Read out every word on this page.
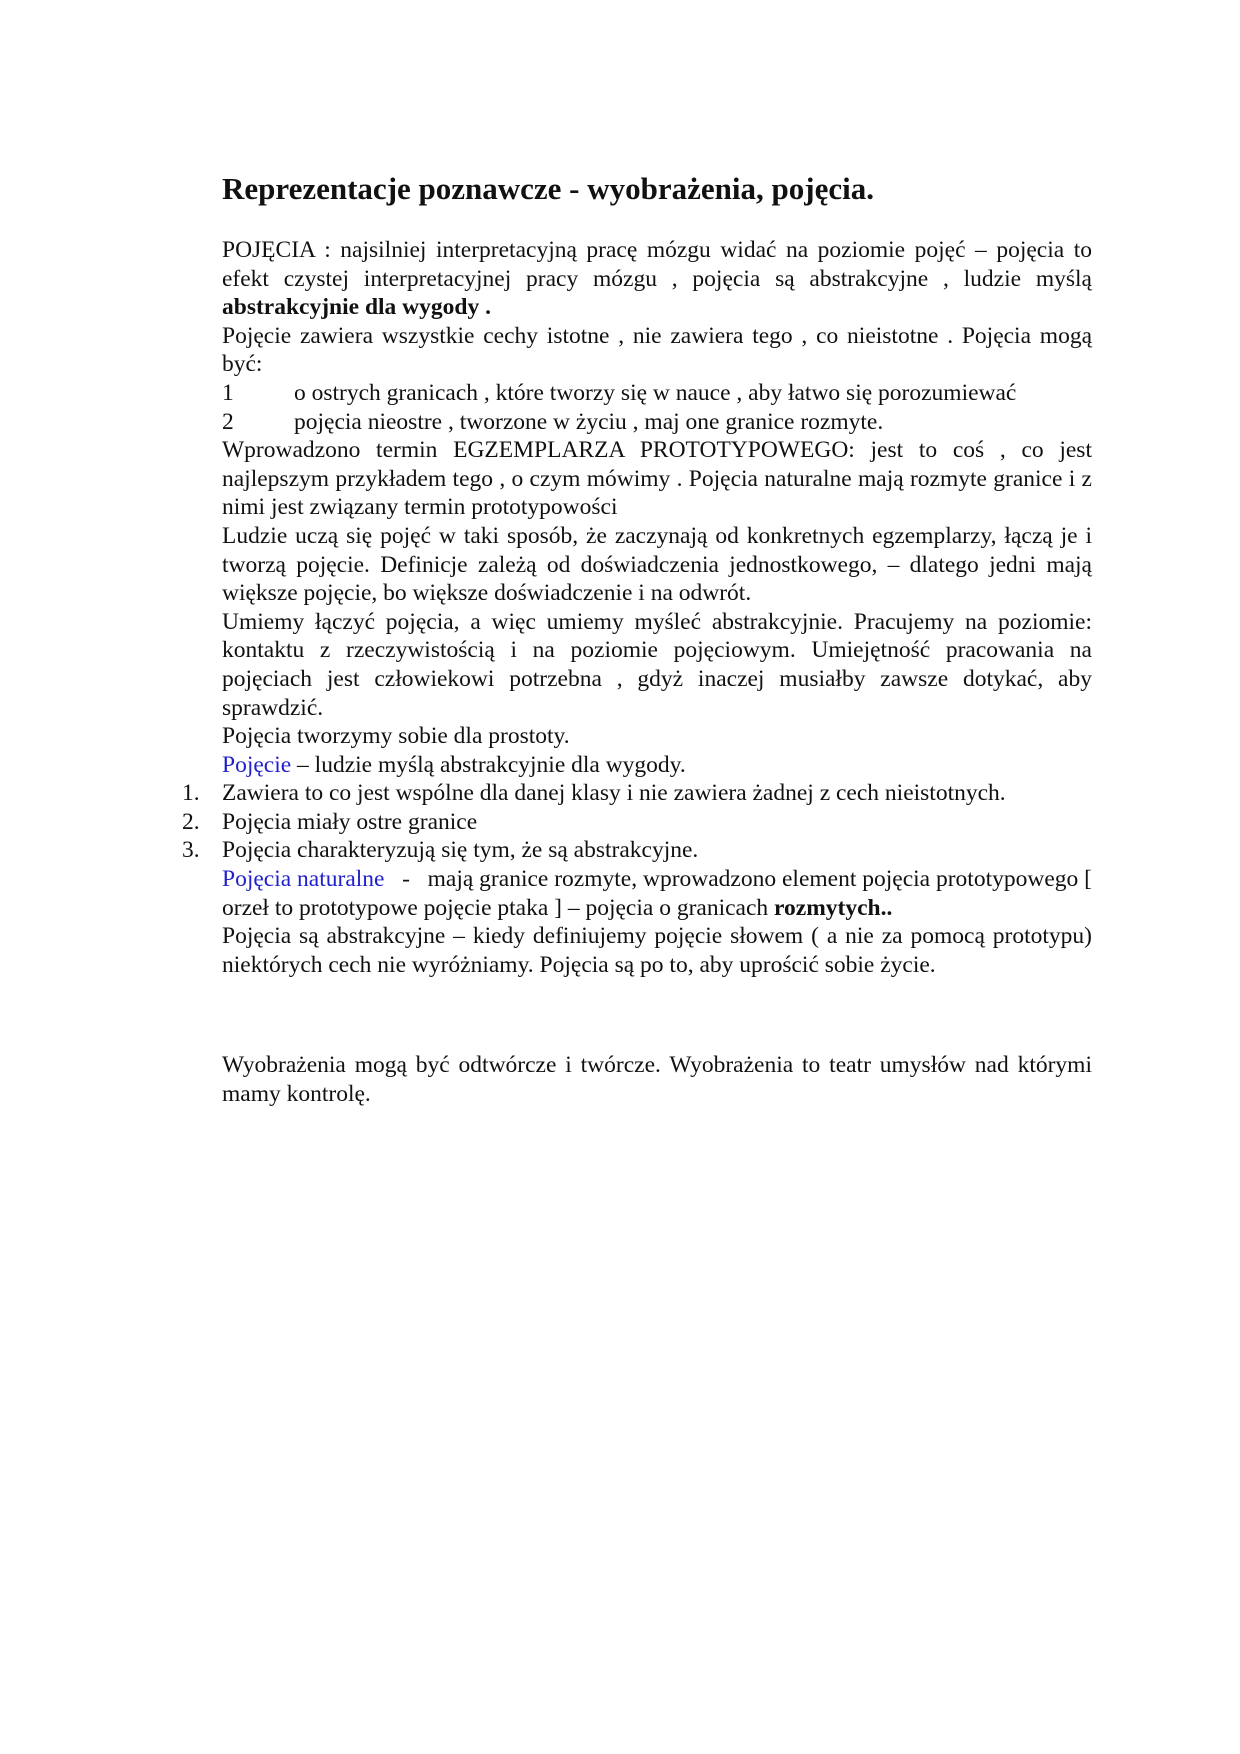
Reprezentacje poznawcze - wyobrażenia, pojęcia.

POJĘCIA : najsilniej interpretacyjną pracę mózgu widać na poziomie pojęć – pojęcia to efekt czystej interpretacyjnej pracy mózgu , pojęcia są abstrakcyjne , ludzie myślą abstrakcyjnie dla wygody .

Pojęcie zawiera wszystkie cechy istotne , nie zawiera tego , co nieistotne . Pojęcia mogą być:

1	o ostrych granicach , które tworzy się w nauce , aby łatwo się porozumiewać
2	pojęcia nieostre , tworzone w życiu , maj one granice rozmyte.

Wprowadzono termin EGZEMPLARZA PROTOTYPOWEGO: jest to coś , co jest najlepszym przykładem tego , o czym mówimy . Pojęcia naturalne mają rozmyte granice i z nimi jest związany termin prototypowości

Ludzie uczą się pojęć w taki sposób, że zaczynają od konkretnych egzemplarzy, łączą je i tworzą pojęcie. Definicje zależą od doświadczenia jednostkowego, – dlatego jedni mają większe pojęcie, bo większe doświadczenie i na odwrót.

Umiemy łączyć pojęcia, a więc umiemy myśleć abstrakcyjnie. Pracujemy na poziomie: kontaktu z rzeczywistością i na poziomie pojęciowym. Umiejętność pracowania na pojęciach jest człowiekowi potrzebna , gdyż inaczej musiałby zawsze dotykać, aby sprawdzić.

Pojęcia tworzymy sobie dla prostoty.

Pojęcie – ludzie myślą abstrakcyjnie dla wygody.

1. Zawiera to co jest wspólne dla danej klasy i nie zawiera żadnej z cech nieistotnych.
2. Pojęcia miały ostre granice
3. Pojęcia charakteryzują się tym, że są abstrakcyjne.

Pojęcia naturalne   -   mają granice rozmyte, wprowadzono element pojęcia prototypowego [ orzeł to prototypowe pojęcie ptaka ] – pojęcia o granicach rozmytych..

Pojęcia są abstrakcyjne – kiedy definiujemy pojęcie słowem ( a nie za pomocą prototypu) niektórych cech nie wyróżniamy. Pojęcia są po to, aby uprościć sobie życie.

Wyobrażenia mogą być odtwórcze i twórcze. Wyobrażenia to teatr umysłów nad którymi mamy kontrolę.
